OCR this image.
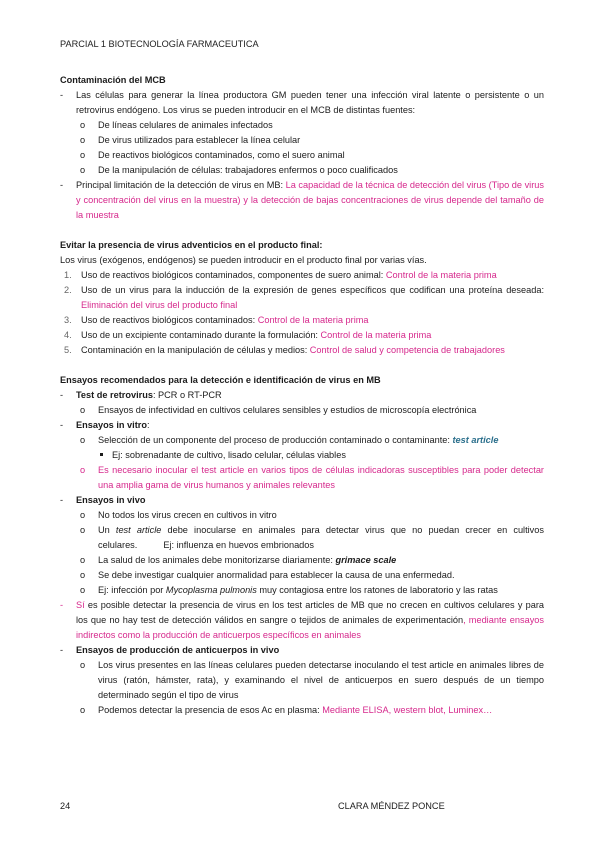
PARCIAL 1 BIOTECNOLOGÍA FARMACEUTICA
Contaminación del MCB
- Las células para generar la línea productora GM pueden tener una infección viral latente o persistente o un retrovirus endógeno. Los virus se pueden introducir en el MCB de distintas fuentes:
o De líneas celulares de animales infectados
o De virus utilizados para establecer la línea celular
o De reactivos biológicos contaminados, como el suero animal
o De la manipulación de células: trabajadores enfermos o poco cualificados
- Principal limitación de la detección de virus en MB: La capacidad de la técnica de detección del virus (Tipo de virus y concentración del virus en la muestra) y la detección de bajas concentraciones de virus depende del tamaño de la muestra
Evitar la presencia de virus adventicios en el producto final:
Los virus (exógenos, endógenos) se pueden introducir en el producto final por varias vías.
1. Uso de reactivos biológicos contaminados, componentes de suero animal: Control de la materia prima
2. Uso de un virus para la inducción de la expresión de genes específicos que codifican una proteína deseada: Eliminación del virus del producto final
3. Uso de reactivos biológicos contaminados: Control de la materia prima
4. Uso de un excipiente contaminado durante la formulación: Control de la materia prima
5. Contaminación en la manipulación de células y medios: Control de salud y competencia de trabajadores
Ensayos recomendados para la detección e identificación de virus en MB
- Test de retrovirus: PCR o RT-PCR
o Ensayos de infectividad en cultivos celulares sensibles y estudios de microscopía electrónica
- Ensayos in vitro:
o Selección de un componente del proceso de producción contaminado o contaminante: test article
Ej: sobrenadante de cultivo, lisado celular, células viables
o Es necesario inocular el test article en varios tipos de células indicadoras susceptibles para poder detectar una amplia gama de virus humanos y animales relevantes
- Ensayos in vivo
o No todos los virus crecen en cultivos in vitro
o Un test article debe inocularse en animales para detectar virus que no puedan crecer en cultivos celulares.	Ej: influenza en huevos embrionados
o La salud de los animales debe monitorizarse diariamente: grimace scale
o Se debe investigar cualquier anormalidad para establecer la causa de una enfermedad.
o Ej: infección por Mycoplasma pulmonis muy contagiosa entre los ratones de laboratorio y las ratas
- Sí es posible detectar la presencia de virus en los test articles de MB que no crecen en cultivos celulares y para los que no hay test de detección válidos en sangre o tejidos de animales de experimentación, mediante ensayos indirectos como la producción de anticuerpos específicos en animales
- Ensayos de producción de anticuerpos in vivo
o Los virus presentes en las líneas celulares pueden detectarse inoculando el test article en animales libres de virus (ratón, hámster, rata), y examinando el nivel de anticuerpos en suero después de un tiempo determinado según el tipo de virus
o Podemos detectar la presencia de esos Ac en plasma: Mediante ELISA, western blot, Luminex…
24	CLARA MÉNDEZ PONCE
